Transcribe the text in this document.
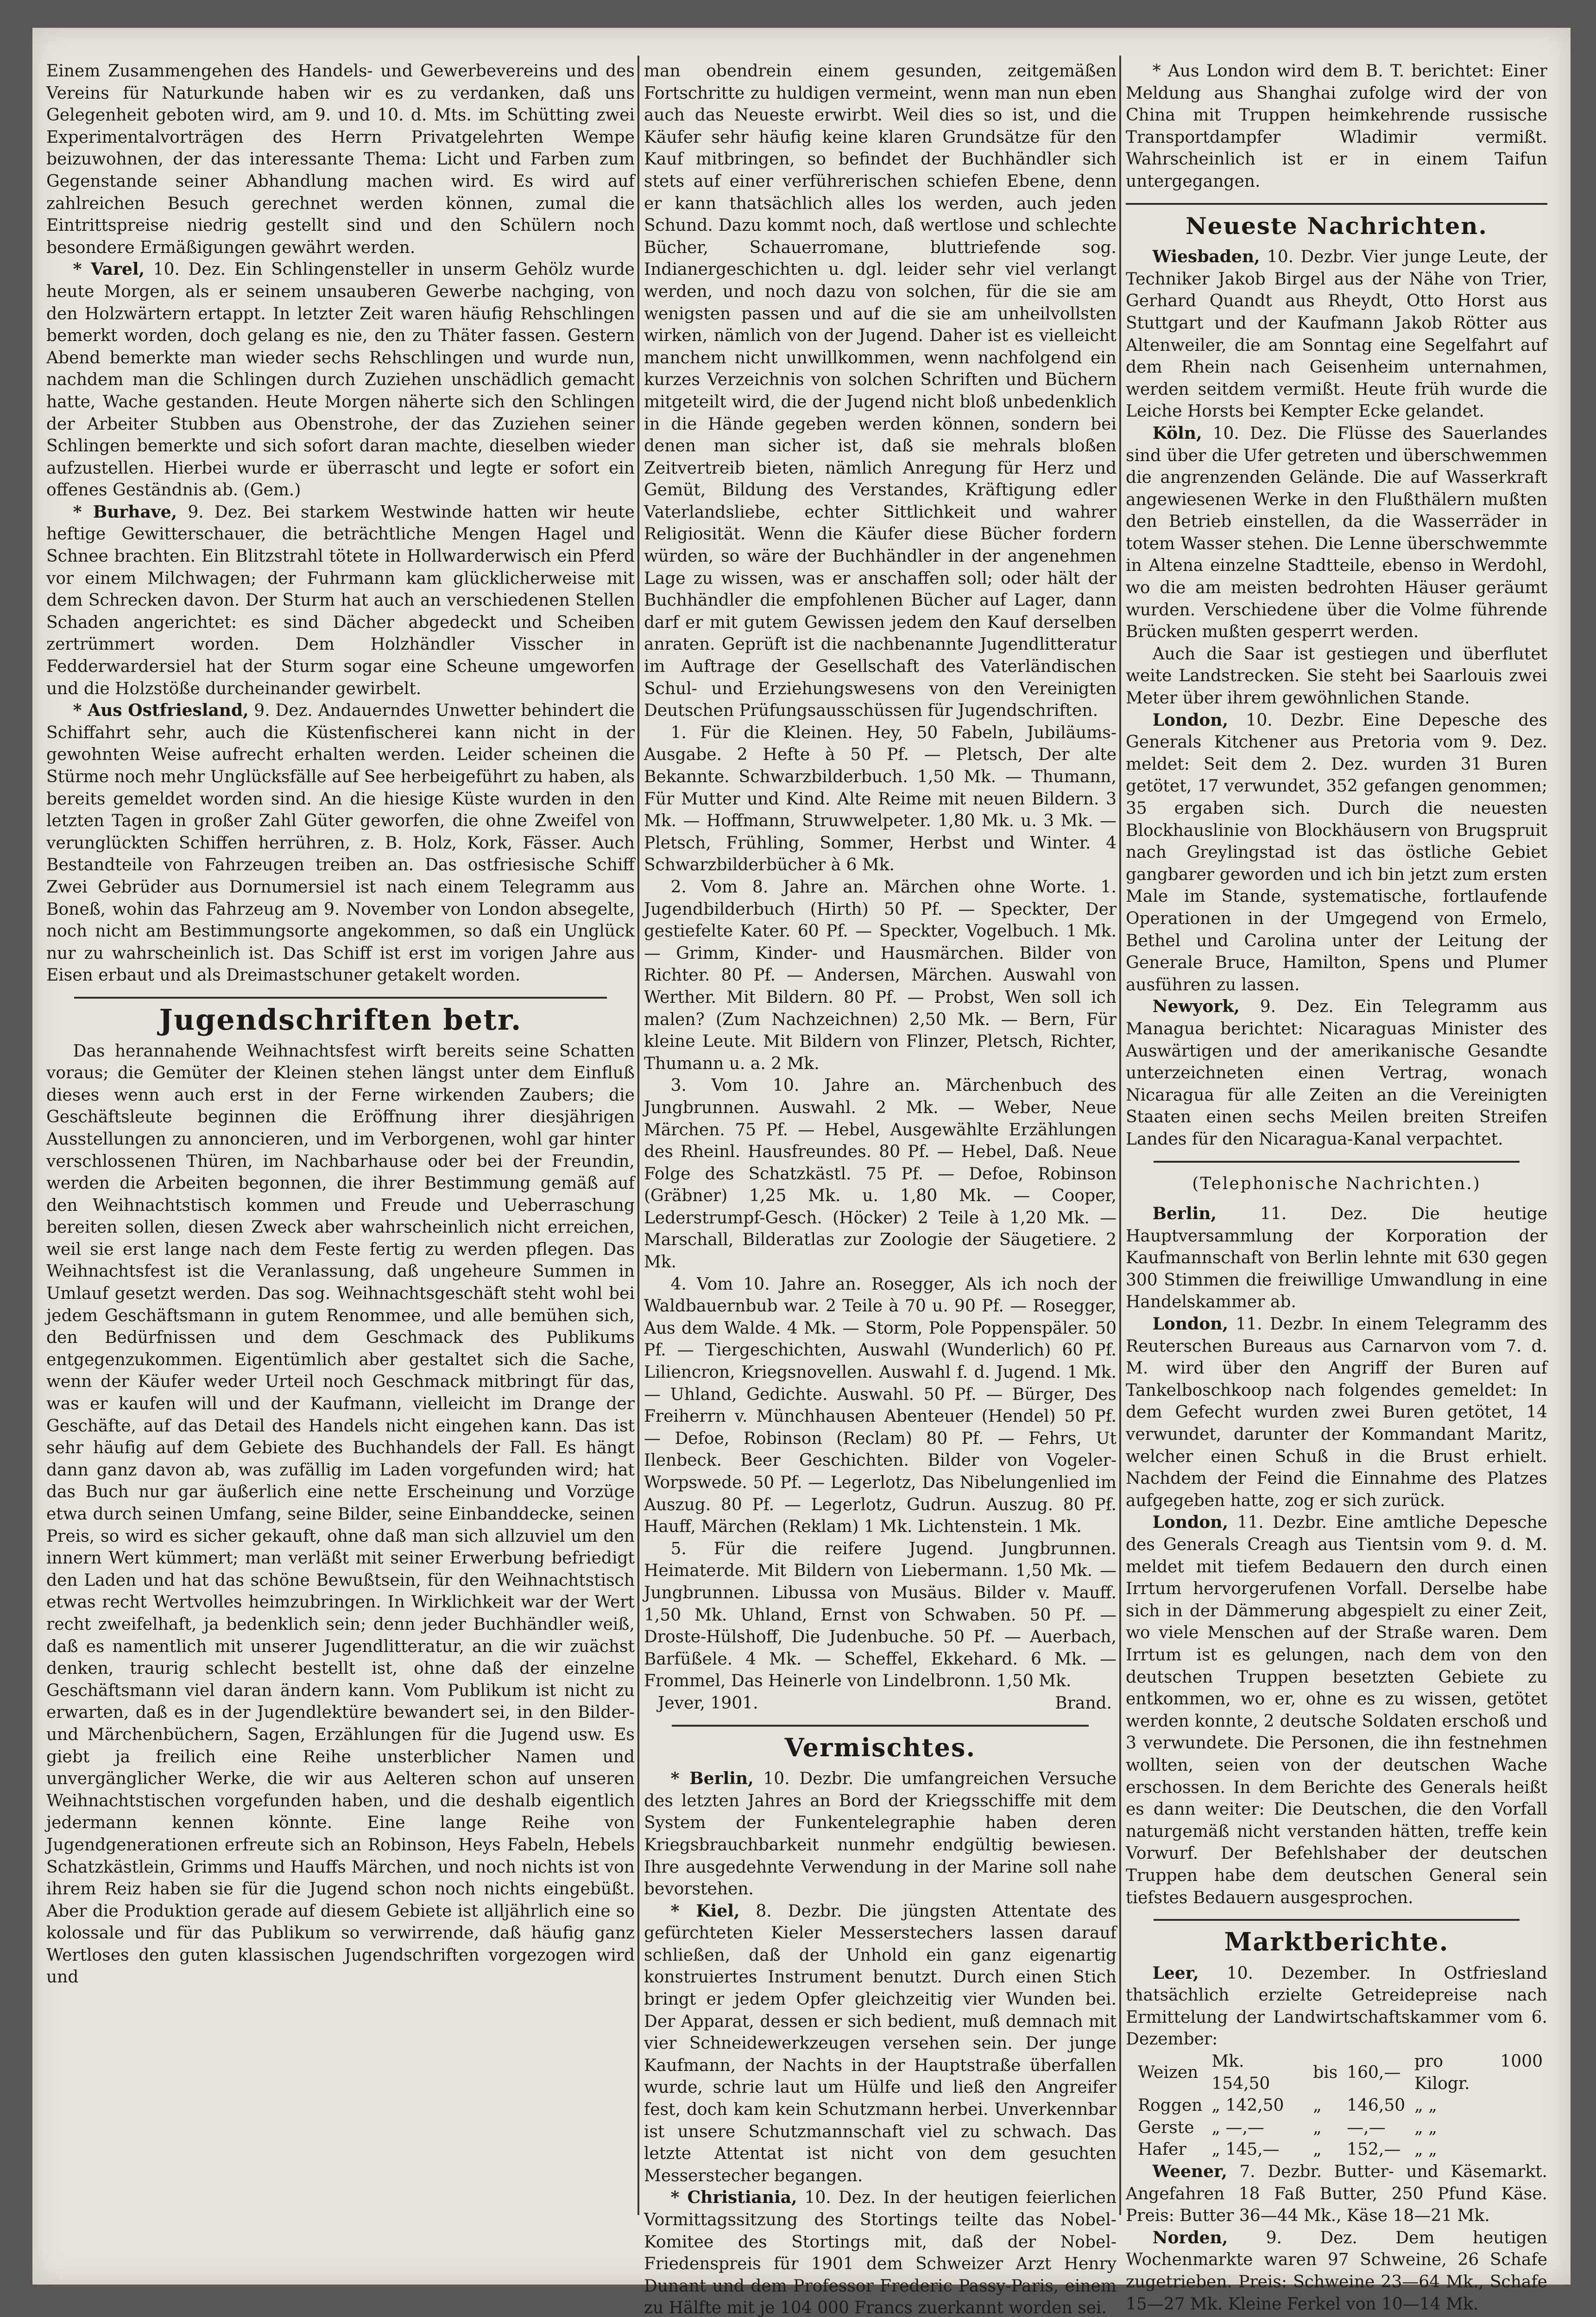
Einem Zusammengehen des Handels- und Gewerbevereins und des Vereins für Naturkunde haben wir es zu verdanken, daß uns Gelegenheit geboten wird, am 9. und 10. d. Mts. im Schütting zwei Experimentalvorträgen des Herrn Privatgelehrten Wempe beizuwohnen, der das interessante Thema: Licht und Farben zum Gegenstande seiner Abhandlung machen wird. Es wird auf zahlreichen Besuch gerechnet werden können, zumal die Eintrittspreise niedrig gestellt sind und den Schülern noch besondere Ermäßigungen gewährt werden.

* Varel, 10. Dez. Ein Schlingensteller in unserm Gehölz wurde heute Morgen, als er seinem unsauberen Gewerbe nachging, von den Holzwärtern ertappt. In letzter Zeit waren häufig Rehschlingen bemerkt worden, doch gelang es nie, den zu Thäter fassen. Gestern Abend bemerkte man wieder sechs Rehschlingen und wurde nun, nachdem man die Schlingen durch Zuziehen unschädlich gemacht hatte, Wache gestanden. Heute Morgen näherte sich den Schlingen der Arbeiter Stubben aus Obenstrohe, der das Zuziehen seiner Schlingen bemerkte und sich sofort daran machte, dieselben wieder aufzustellen. Hierbei wurde er überrascht und legte er sofort ein offenes Geständnis ab. (Gem.)

* Burhave, 9. Dez. Bei starkem Westwinde hatten wir heute heftige Gewitterschauer, die beträchtliche Mengen Hagel und Schnee brachten. Ein Blitzstrahl tötete in Hollwarderwisch ein Pferd vor einem Milchwagen; der Fuhrmann kam glücklicherweise mit dem Schrecken davon. Der Sturm hat auch an verschiedenen Stellen Schaden angerichtet: es sind Dächer abgedeckt und Scheiben zertrümmert worden. Dem Holzhändler Visscher in Fedderwardersiel hat der Sturm sogar eine Scheune umgeworfen und die Holzstöße durcheinander gewirbelt.

* Aus Ostfriesland, 9. Dez. Andauerndes Unwetter behindert die Schiffahrt sehr, auch die Küstenfischerei kann nicht in der gewohnten Weise aufrecht erhalten werden. Leider scheinen die Stürme noch mehr Unglücksfälle auf See herbeigeführt zu haben, als bereits gemeldet worden sind. An die hiesige Küste wurden in den letzten Tagen in großer Zahl Güter geworfen, die ohne Zweifel von verunglückten Schiffen herrühren, z. B. Holz, Kork, Fässer. Auch Bestandteile von Fahrzeugen treiben an. Das ostfriesische Schiff Zwei Gebrüder aus Dornumersiel ist nach einem Telegramm aus Boneß, wohin das Fahrzeug am 9. November von London absegelte, noch nicht am Bestimmungsorte angekommen, so daß ein Unglück nur zu wahrscheinlich ist. Das Schiff ist erst im vorigen Jahre aus Eisen erbaut und als Dreimastschuner getakelt worden.

Jugendschriften betr.

Das herannahende Weihnachtsfest wirft bereits seine Schatten voraus; die Gemüter der Kleinen stehen längst unter dem Einfluß dieses wenn auch erst in der Ferne wirkenden Zaubers; die Geschäftsleute beginnen die Eröffnung ihrer diesjährigen Ausstellungen zu annoncieren, und im Verborgenen, wohl gar hinter verschlossenen Thüren, im Nachbarhause oder bei der Freundin, werden die Arbeiten begonnen, die ihrer Bestimmung gemäß auf den Weihnachtstisch kommen und Freude und Ueberraschung bereiten sollen, diesen Zweck aber wahrscheinlich nicht erreichen, weil sie erst lange nach dem Feste fertig zu werden pflegen. Das Weihnachtsfest ist die Veranlassung, daß ungeheure Summen in Umlauf gesetzt werden. Das sog. Weihnachtsgeschäft steht wohl bei jedem Geschäftsmann in gutem Renommee, und alle bemühen sich, den Bedürfnissen und dem Geschmack des Publikums entgegenzukommen. Eigentümlich aber gestaltet sich die Sache, wenn der Käufer weder Urteil noch Geschmack mitbringt für das, was er kaufen will und der Kaufmann, vielleicht im Drange der Geschäfte, auf das Detail des Handels nicht eingehen kann. Das ist sehr häufig auf dem Gebiete des Buchhandels der Fall. Es hängt dann ganz davon ab, was zufällig im Laden vorgefunden wird; hat das Buch nur gar äußerlich eine nette Erscheinung und Vorzüge etwa durch seinen Umfang, seine Bilder, seine Einbanddecke, seinen Preis, so wird es sicher gekauft, ohne daß man sich allzuviel um den innern Wert kümmert; man verläßt mit seiner Erwerbung befriedigt den Laden und hat das schöne Bewußtsein, für den Weihnachtstisch etwas recht Wertvolles heimzubringen. In Wirklichkeit war der Wert recht zweifelhaft, ja bedenklich sein; denn jeder Buchhändler weiß, daß es namentlich mit unserer Jugendlitteratur, an die wir zuächst denken, traurig schlecht bestellt ist, ohne daß der einzelne Geschäftsmann viel daran ändern kann. Vom Publikum ist nicht zu erwarten, daß es in der Jugendlektüre bewandert sei, in den Bilder- und Märchenbüchern, Sagen, Erzählungen für die Jugend usw. Es giebt ja freilich eine Reihe unsterblicher Namen und unvergänglicher Werke, die wir aus Aelteren schon auf unseren Weihnachtstischen vorgefunden haben, und die deshalb eigentlich jedermann kennen könnte. Eine lange Reihe von Jugendgenerationen erfreute sich an Robinson, Heys Fabeln, Hebels Schatzkästlein, Grimms und Hauffs Märchen, und noch nichts ist von ihrem Reiz haben sie für die Jugend schon noch nichts eingebüßt. Aber die Produktion gerade auf diesem Gebiete ist alljährlich eine so kolossale und für das Publikum so verwirrende, daß häufig ganz Wertloses den guten klassischen Jugendschriften vorgezogen wird und

man obendrein einem gesunden, zeitgemäßen Fortschritte zu huldigen vermeint, wenn man nun eben auch das Neueste erwirbt. Weil dies so ist, und die Käufer sehr häufig keine klaren Grundsätze für den Kauf mitbringen, so befindet der Buchhändler sich stets auf einer verführerischen schiefen Ebene, denn er kann thatsächlich alles los werden, auch jeden Schund. Dazu kommt noch, daß wertlose und schlechte Bücher, Schauerromane, bluttriefende sog. Indianergeschichten u. dgl. leider sehr viel verlangt werden, und noch dazu von solchen, für die sie am wenigsten passen und auf die sie am unheilvollsten wirken, nämlich von der Jugend. Daher ist es vielleicht manchem nicht unwillkommen, wenn nachfolgend ein kurzes Verzeichnis von solchen Schriften und Büchern mitgeteilt wird, die der Jugend nicht bloß unbedenklich in die Hände gegeben werden können, sondern bei denen man sicher ist, daß sie mehrals bloßen Zeitvertreib bieten, nämlich Anregung für Herz und Gemüt, Bildung des Verstandes, Kräftigung edler Vaterlandsliebe, echter Sittlichkeit und wahrer Religiosität. Wenn die Käufer diese Bücher fordern würden, so wäre der Buchhändler in der angenehmen Lage zu wissen, was er anschaffen soll; oder hält der Buchhändler die empfohlenen Bücher auf Lager, dann darf er mit gutem Gewissen jedem den Kauf derselben anraten. Geprüft ist die nachbenannte Jugendlitteratur im Auftrage der Gesellschaft des Vaterländischen Schul- und Erziehungswesens von den Vereinigten Deutschen Prüfungsausschüssen für Jugendschriften.

1. Für die Kleinen. Hey, 50 Fabeln, Jubiläums-Ausgabe. 2 Hefte à 50 Pf. — Pletsch, Der alte Bekannte. Schwarzbilderbuch. 1,50 Mk. — Thumann, Für Mutter und Kind. Alte Reime mit neuen Bildern. 3 Mk. — Hoffmann, Struwwelpeter. 1,80 Mk. u. 3 Mk. — Pletsch, Frühling, Sommer, Herbst und Winter. 4 Schwarzbilderbücher à 6 Mk.

2. Vom 8. Jahre an. Märchen ohne Worte. 1. Jugendbilderbuch (Hirth) 50 Pf. — Speckter, Der gestiefelte Kater. 60 Pf. — Speckter, Vogelbuch. 1 Mk. — Grimm, Kinder- und Hausmärchen. Bilder von Richter. 80 Pf. — Andersen, Märchen. Auswahl von Werther. Mit Bildern. 80 Pf. — Probst, Wen soll ich malen? (Zum Nachzeichnen) 2,50 Mk. — Bern, Für kleine Leute. Mit Bildern von Flinzer, Pletsch, Richter, Thumann u. a. 2 Mk.

3. Vom 10. Jahre an. Märchenbuch des Jungbrunnen. Auswahl. 2 Mk. — Weber, Neue Märchen. 75 Pf. — Hebel, Ausgewählte Erzählungen des Rheinl. Hausfreundes. 80 Pf. — Hebel, Daß. Neue Folge des Schatzkästl. 75 Pf. — Defoe, Robinson (Gräbner) 1,25 Mk. u. 1,80 Mk. — Cooper, Lederstrumpf-Gesch. (Höcker) 2 Teile à 1,20 Mk. — Marschall, Bilderatlas zur Zoologie der Säugetiere. 2 Mk.

4. Vom 10. Jahre an. Rosegger, Als ich noch der Waldbauernbub war. 2 Teile à 70 u. 90 Pf. — Rosegger, Aus dem Walde. 4 Mk. — Storm, Pole Poppenspäler. 50 Pf. — Tiergeschichten, Auswahl (Wunderlich) 60 Pf. Liliencron, Kriegsnovellen. Auswahl f. d. Jugend. 1 Mk. — Uhland, Gedichte. Auswahl. 50 Pf. — Bürger, Des Freiherrn v. Münchhausen Abenteuer (Hendel) 50 Pf. — Defoe, Robinson (Reclam) 80 Pf. — Fehrs, Ut Ilenbeck. Beer Geschichten. Bilder von Vogeler-Worpswede. 50 Pf. — Legerlotz, Das Nibelungenlied im Auszug. 80 Pf. — Legerlotz, Gudrun. Auszug. 80 Pf. Hauff, Märchen (Reklam) 1 Mk. Lichtenstein. 1 Mk.

5. Für die reifere Jugend. Jungbrunnen. Heimaterde. Mit Bildern von Liebermann. 1,50 Mk. — Jungbrunnen. Libussa von Musäus. Bilder v. Mauff. 1,50 Mk. Uhland, Ernst von Schwaben. 50 Pf. — Droste-Hülshoff, Die Judenbuche. 50 Pf. — Auerbach, Barfüßele. 4 Mk. — Scheffel, Ekkehard. 6 Mk. — Frommel, Das Heinerle von Lindelbronn. 1,50 Mk.

Jever, 1901.	Brand.
Vermischtes.

* Berlin, 10. Dezbr. Die umfangreichen Versuche des letzten Jahres an Bord der Kriegsschiffe mit dem System der Funkentelegraphie haben deren Kriegsbrauchbarkeit nunmehr endgültig bewiesen. Ihre ausgedehnte Verwendung in der Marine soll nahe bevorstehen.

* Kiel, 8. Dezbr. Die jüngsten Attentate des gefürchteten Kieler Messerstechers lassen darauf schließen, daß der Unhold ein ganz eigenartig konstruiertes Instrument benutzt. Durch einen Stich bringt er jedem Opfer gleichzeitig vier Wunden bei. Der Apparat, dessen er sich bedient, muß demnach mit vier Schneidewerkzeugen versehen sein. Der junge Kaufmann, der Nachts in der Hauptstraße überfallen wurde, schrie laut um Hülfe und ließ den Angreifer fest, doch kam kein Schutzmann herbei. Unverkennbar ist unsere Schutzmannschaft viel zu schwach. Das letzte Attentat ist nicht von dem gesuchten Messerstecher begangen.

* Christiania, 10. Dez. In der heutigen feierlichen Vormittagssitzung des Stortings teilte das Nobel-Komitee des Stortings mit, daß der Nobel-Friedenspreis für 1901 dem Schweizer Arzt Henry Dunant und dem Professor Frederic Passy-Paris, einem zu Hälfte mit je 104 000 Francs zuerkannt worden sei.

* Aus London wird dem B. T. berichtet: Einer Meldung aus Shanghai zufolge wird der von China mit Truppen heimkehrende russische Transportdampfer Wladimir vermißt. Wahrscheinlich ist er in einem Taifun untergegangen.

Neueste Nachrichten.

Wiesbaden, 10. Dezbr. Vier junge Leute, der Techniker Jakob Birgel aus der Nähe von Trier, Gerhard Quandt aus Rheydt, Otto Horst aus Stuttgart und der Kaufmann Jakob Rötter aus Altenweiler, die am Sonntag eine Segelfahrt auf dem Rhein nach Geisenheim unternahmen, werden seitdem vermißt. Heute früh wurde die Leiche Horsts bei Kempter Ecke gelandet.

Köln, 10. Dez. Die Flüsse des Sauerlandes sind über die Ufer getreten und überschwemmen die angrenzenden Gelände. Die auf Wasserkraft angewiesenen Werke in den Flußthälern mußten den Betrieb einstellen, da die Wasserräder in totem Wasser stehen. Die Lenne überschwemmte in Altena einzelne Stadtteile, ebenso in Werdohl, wo die am meisten bedrohten Häuser geräumt wurden. Verschiedene über die Volme führende Brücken mußten gesperrt werden.

Auch die Saar ist gestiegen und überflutet weite Landstrecken. Sie steht bei Saarlouis zwei Meter über ihrem gewöhnlichen Stande.

London, 10. Dezbr. Eine Depesche des Generals Kitchener aus Pretoria vom 9. Dez. meldet: Seit dem 2. Dez. wurden 31 Buren getötet, 17 verwundet, 352 gefangen genommen; 35 ergaben sich. Durch die neuesten Blockhauslinie von Blockhäusern von Brugspruit nach Greylingstad ist das östliche Gebiet gangbarer geworden und ich bin jetzt zum ersten Male im Stande, systematische, fortlaufende Operationen in der Umgegend von Ermelo, Bethel und Carolina unter der Leitung der Generale Bruce, Hamilton, Spens und Plumer ausführen zu lassen.

Newyork, 9. Dez. Ein Telegramm aus Managua berichtet: Nicaraguas Minister des Auswärtigen und der amerikanische Gesandte unterzeichneten einen Vertrag, wonach Nicaragua für alle Zeiten an die Vereinigten Staaten einen sechs Meilen breiten Streifen Landes für den Nicaragua-Kanal verpachtet.

(Telephonische Nachrichten.)

Berlin, 11. Dez. Die heutige Hauptversammlung der Korporation der Kaufmannschaft von Berlin lehnte mit 630 gegen 300 Stimmen die freiwillige Umwandlung in eine Handelskammer ab.

London, 11. Dezbr. In einem Telegramm des Reuterschen Bureaus aus Carnarvon vom 7. d. M. wird über den Angriff der Buren auf Tankelboschkoop nach folgendes gemeldet: In dem Gefecht wurden zwei Buren getötet, 14 verwundet, darunter der Kommandant Maritz, welcher einen Schuß in die Brust erhielt. Nachdem der Feind die Einnahme des Platzes aufgegeben hatte, zog er sich zurück.

London, 11. Dezbr. Eine amtliche Depesche des Generals Creagh aus Tientsin vom 9. d. M. meldet mit tiefem Bedauern den durch einen Irrtum hervorgerufenen Vorfall. Derselbe habe sich in der Dämmerung abgespielt zu einer Zeit, wo viele Menschen auf der Straße waren. Dem Irrtum ist es gelungen, nach dem von den deutschen Truppen besetzten Gebiete zu entkommen, wo er, ohne es zu wissen, getötet werden konnte, 2 deutsche Soldaten erschoß und 3 verwundete. Die Personen, die ihn festnehmen wollten, seien von der deutschen Wache erschossen. In dem Berichte des Generals heißt es dann weiter: Die Deutschen, die den Vorfall naturgemäß nicht verstanden hätten, treffe kein Vorwurf. Der Befehlshaber der deutschen Truppen habe dem deutschen General sein tiefstes Bedauern ausgesprochen.

Marktberichte.

Leer, 10. Dezember. In Ostfriesland thatsächlich erzielte Getreidepreise nach Ermittelung der Landwirtschaftskammer vom 6. Dezember:

Weizen	Mk. 154,50	bis	160,—	pro 1000 Kilogr.
Roggen	„ 142,50	„	146,50	„ „
Gerste	„ —,—	„	—,—	„ „
Hafer	„ 145,—	„	152,—	„ „

Weener, 7. Dezbr. Butter- und Käsemarkt. Angefahren 18 Faß Butter, 250 Pfund Käse. Preis: Butter 36—44 Mk., Käse 18—21 Mk.

Norden, 9. Dez. Dem heutigen Wochenmarkte waren 97 Schweine, 26 Schafe zugetrieben. Preis: Schweine 23—64 Mk., Schafe 15—27 Mk. Kleine Ferkel von 10—14 Mk.
